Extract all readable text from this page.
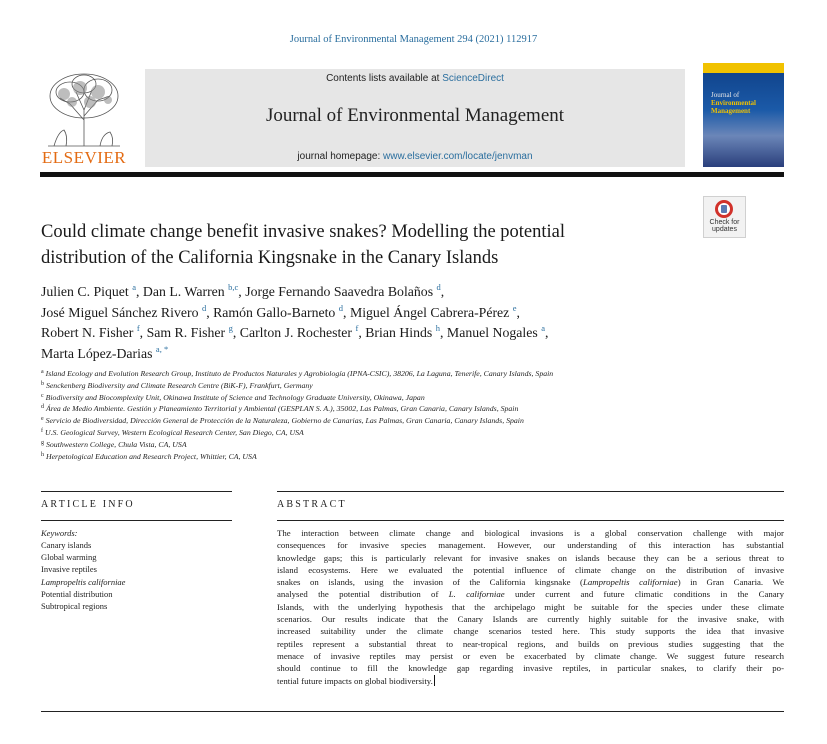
Journal of Environmental Management 294 (2021) 112917
ELSEVIER
Contents lists available at ScienceDirect
Journal of Environmental Management
journal homepage: www.elsevier.com/locate/jenvman
Journal of
Environmental
Management
Check for
updates
Could climate change benefit invasive snakes? Modelling the potential
distribution of the California Kingsnake in the Canary Islands
Julien C. Piquet $^a$, Dan L. Warren $^{b,c}$, Jorge Fernando Saavedra Bolaños $^d$,
José Miguel Sánchez Rivero $^d$, Ramón Gallo-Barneto $^d$, Miguel Ángel Cabrera-Pérez $^e$,
Robert N. Fisher $^f$, Sam R. Fisher $^g$, Carlton J. Rochester $^f$, Brian Hinds $^h$, Manuel Nogales $^a$,
Marta López-Darias $^{a, *}$
$^a$ Island Ecology and Evolution Research Group, Instituto de Productos Naturales y Agrobiología (IPNA-CSIC), 38206, La Laguna, Tenerife, Canary Islands, Spain
$^b$ Senckenberg Biodiversity and Climate Research Centre (BiK-F), Frankfurt, Germany
$^c$ Biodiversity and Biocomplexity Unit, Okinawa Institute of Science and Technology Graduate University, Okinawa, Japan
$^d$ Área de Medio Ambiente. Gestión y Planeamiento Territorial y Ambiental (GESPLAN S. A.), 35002, Las Palmas, Gran Canaria, Canary Islands, Spain
$^e$ Servicio de Biodiversidad, Dirección General de Protección de la Naturaleza, Gobierno de Canarias, Las Palmas, Gran Canaria, Canary Islands, Spain
$^f$ U.S. Geological Survey, Western Ecological Research Center, San Diego, CA, USA
$^g$ Southwestern College, Chula Vista, CA, USA
$^h$ Herpetological Education and Research Project, Whittier, CA, USA
ARTICLE INFO	ABSTRACT
Keywords:
Canary islands
Global warming
Invasive reptiles
Lampropeltis californiae
Potential distribution
Subtropical regions
The interaction between climate change and biological invasions is a global conservation challenge with major
consequences for invasive species management. However, our understanding of this interaction has substantial
knowledge gaps; this is particularly relevant for invasive snakes on islands because they can be a serious threat to
island ecosystems. Here we evaluated the potential influence of climate change on the distribution of invasive
snakes on islands, using the invasion of the California kingsnake (Lampropeltis californiae) in Gran Canaria. We
analysed the potential distribution of L. californiae under current and future climatic conditions in the Canary
Islands, with the underlying hypothesis that the archipelago might be suitable for the species under these climate
scenarios. Our results indicate that the Canary Islands are currently highly suitable for the invasive snake, with
increased suitability under the climate change scenarios tested here. This study supports the idea that invasive
reptiles represent a substantial threat to near-tropical regions, and builds on previous studies suggesting that the
menace of invasive reptiles may persist or even be exacerbated by climate change. We suggest future research
should continue to fill the knowledge gap regarding invasive reptiles, in particular snakes, to clarify their po-
tential future impacts on global biodiversity.
